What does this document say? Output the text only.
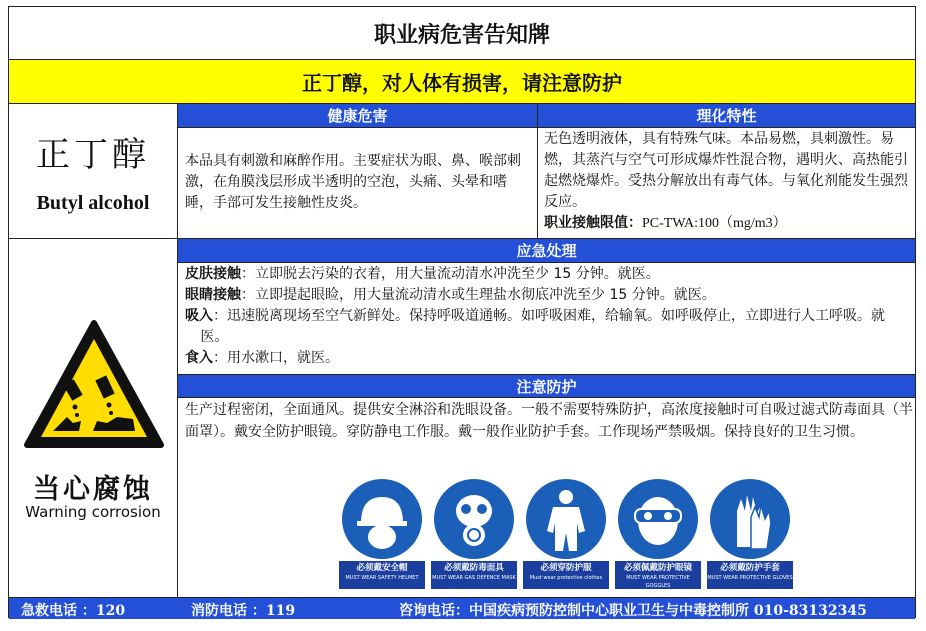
职业病危害告知牌
正丁醇，对人体有损害，请注意防护
正丁醇
Butyl alcohol
健康危害
本品具有刺激和麻醉作用。主要症状为眼、鼻、喉部刺激，在角膜浅层形成半透明的空泡，头痛、头晕和嗜睡，手部可发生接触性皮炎。
理化特性
无色透明液体，具有特殊气味。本品易燃，具刺激性。易燃，其蒸汽与空气可形成爆炸性混合物，遇明火、高热能引起燃烧爆炸。受热分解放出有毒气体。与氧化剂能发生强烈反应。
职业接触限值：PC-TWA:100（mg/m3）
应急处理
皮肤接触：立即脱去污染的衣着，用大量流动清水冲洗至少 15 分钟。就医。
眼睛接触：立即提起眼睑，用大量流动清水或生理盐水彻底冲洗至少 15 分钟。就医。
吸入：迅速脱离现场至空气新鲜处。保持呼吸道通畅。如呼吸困难，给输氧。如呼吸停止，立即进行人工呼吸。就医。
食入：用水漱口，就医。
注意防护
生产过程密闭，全面通风。提供安全淋浴和洗眼设备。一般不需要特殊防护，高浓度接触时可自吸过滤式防毒面具（半面罩）。戴安全防护眼镜。穿防静电工作服。戴一般作业防护手套。工作现场严禁吸烟。保持良好的卫生习惯。
当心腐蚀
Warning corrosion
必须戴安全帽
MUST WEAR SAFETY HELMET
必须戴防毒面具
MUST WEAR GAS DEFENCE MASK
必须穿防护服
Must wear protective clothes
必须佩戴防护眼镜
MUST WEAR PROTECTIVE GOGGLES
必须戴防护手套
MUST WEAR PROTECTIVE GLOVES
急救电话 ：120	消防电话 ：119	咨询电话：中国疾病预防控制中心职业卫生与中毒控制所 010-83132345
